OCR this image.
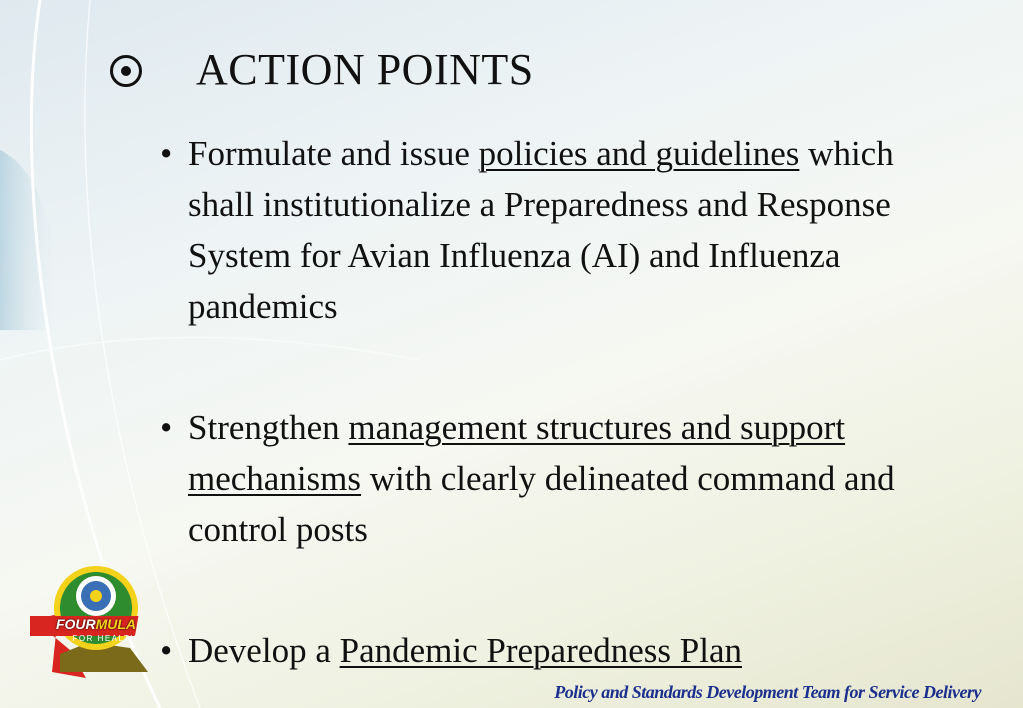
ACTION POINTS
• Formulate and issue policies and guidelines which shall institutionalize a Preparedness and Response System for Avian Influenza (AI) and Influenza pandemics
• Strengthen management structures and support mechanisms with clearly delineated command and control posts
• Develop a Pandemic Preparedness Plan
FOURMULA
FOR HEALTH
Policy and Standards Development Team for Service Delivery
